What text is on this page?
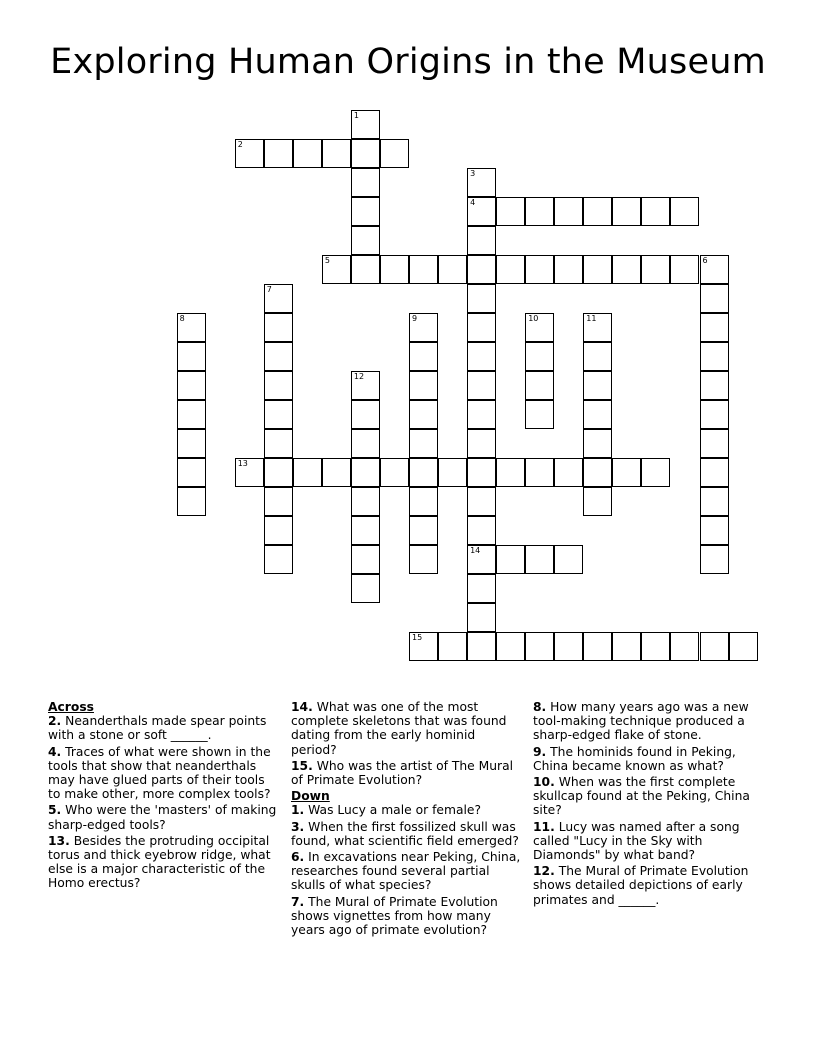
Exploring Human Origins in the Museum
1
2
3
4
14
5	6
7
8	9	10	11
12
13
15
Across
2. Neanderthals made spear points with a stone or soft ______.
4. Traces of what were shown in the tools that show that neanderthals may have glued parts of their tools to make other, more complex tools?
5. Who were the 'masters' of making sharp-edged tools?
13. Besides the protruding occipital torus and thick eyebrow ridge, what else is a major characteristic of the Homo erectus?
14. What was one of the most complete skeletons that was found dating from the early hominid period?
15. Who was the artist of The Mural of Primate Evolution?
Down
1. Was Lucy a male or female?
3. When the first fossilized skull was found, what scientific field emerged?
6. In excavations near Peking, China, researches found several partial skulls of what species?
7. The Mural of Primate Evolution shows vignettes from how many years ago of primate evolution?
8. How many years ago was a new tool-making technique produced a sharp-edged flake of stone.
9. The hominids found in Peking, China became known as what?
10. When was the first complete skullcap found at the Peking, China site?
11. Lucy was named after a song called "Lucy in the Sky with Diamonds" by what band?
12. The Mural of Primate Evolution shows detailed depictions of early primates and ______.
